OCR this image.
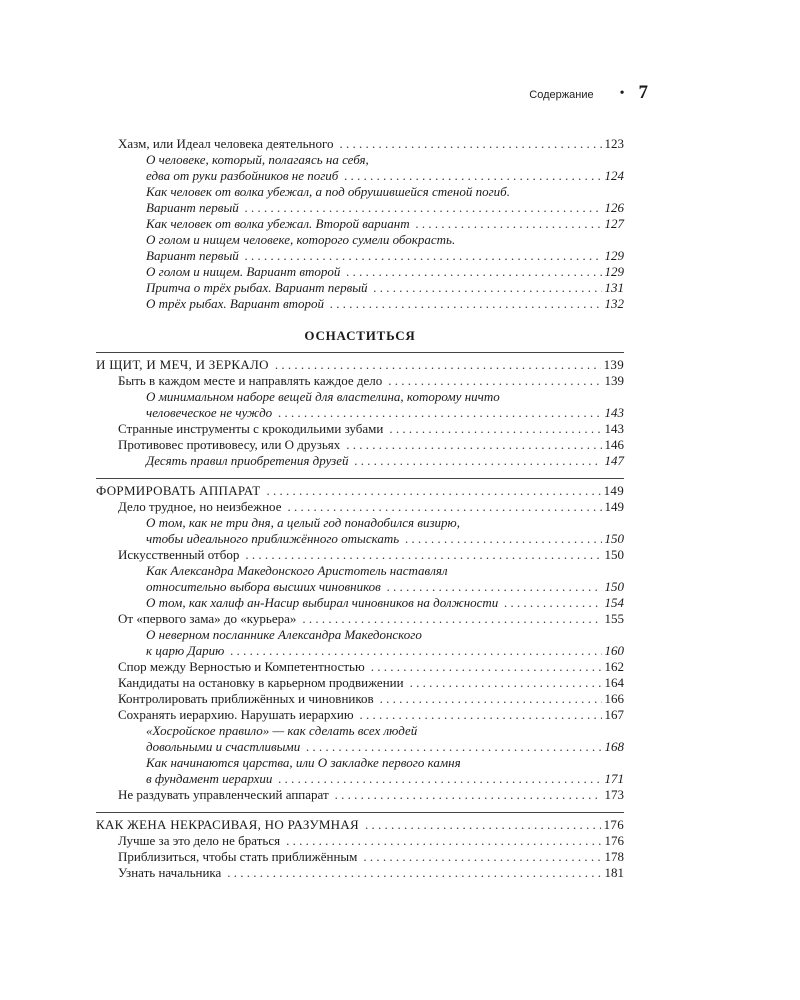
Содержание • 7
Хазм, или Идеал человека деятельного . . .	123
О человеке, который, полагаясь на себя,
едва от руки разбойников не погиб . . .	124
Как человек от волка убежал, а под обрушившейся стеной погиб.
Вариант первый . . .	126
Как человек от волка убежал. Второй вариант . . .	127
О голом и нищем человеке, которого сумели обокрасть.
Вариант первый . . .	129
О голом и нищем. Вариант второй . . .	129
Притча о трёх рыбах. Вариант первый . . .	131
О трёх рыбах. Вариант второй . . .	132
ОСНАСТИТЬСЯ
И ЩИТ, И МЕЧ, И ЗЕРКАЛО . . .	139
Быть в каждом месте и направлять каждое дело . . .	139
О минимальном наборе вещей для властелина, которому ничто
человеческое не чуждо . . .	143
Странные инструменты с крокодильими зубами . . .	143
Противовес противовесу, или О друзьях . . .	146
Десять правил приобретения друзей . . .	147
ФОРМИРОВАТЬ АППАРАТ . . .	149
Дело трудное, но неизбежное . . .	149
О том, как не три дня, а целый год понадобился визирю,
чтобы идеального приближённого отыскать . . .	150
Искусственный отбор . . .	150
Как Александра Македонского Аристотель наставлял
относительно выбора высших чиновников . . .	150
О том, как халиф ан-Насир выбирал чиновников на должности . . .	154
От «первого зама» до «курьера» . . .	155
О неверном посланнике Александра Македонского
к царю Дарию . . .	160
Спор между Верностью и Компетентностью . . .	162
Кандидаты на остановку в карьерном продвижении . . .	164
Контролировать приближённых и чиновников . . .	166
Сохранять иерархию. Нарушать иерархию . . .	167
«Хосройское правило» — как сделать всех людей
довольными и счастливыми . . .	168
Как начинаются царства, или О закладке первого камня
в фундамент иерархии . . .	171
Не раздувать управленческий аппарат . . .	173
КАК ЖЕНА НЕКРАСИВАЯ, НО РАЗУМНАЯ . . .	176
Лучше за это дело не браться . . .	176
Приблизиться, чтобы стать приближённым . . .	178
Узнать начальника . . .	181
